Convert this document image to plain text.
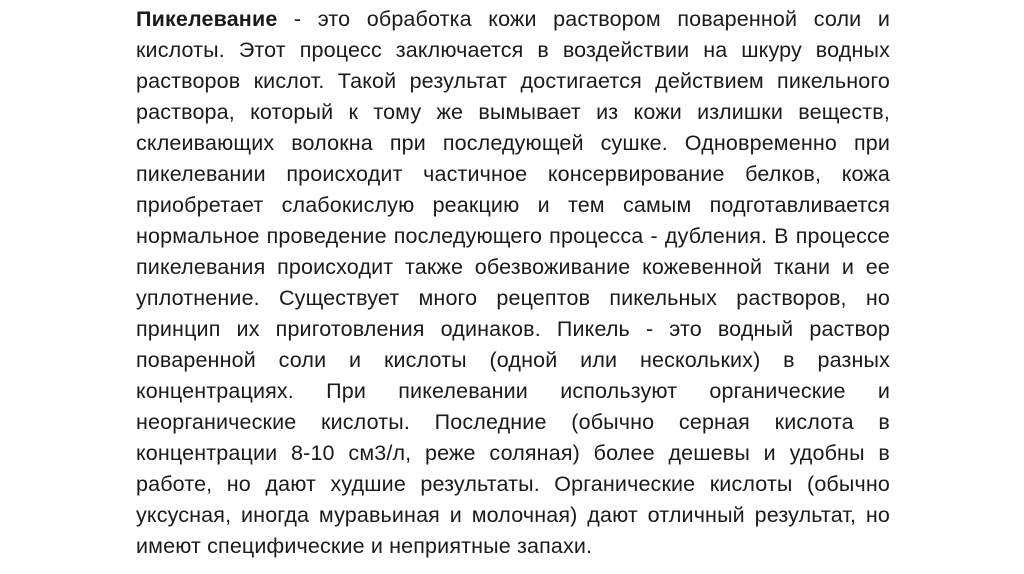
Пикелевание - это обработка кожи раствором поваренной соли и кислоты. Этот процесс заключается в воздействии на шкуру водных растворов кислот. Такой результат достигается действием пикельного раствора, который к тому же вымывает из кожи излишки веществ, склеивающих волокна при последующей сушке. Одновременно при пикелевании происходит частичное консервирование белков, кожа приобретает слабокислую реакцию и тем самым подготавливается нормальное проведение последующего процесса - дубления. В процессе пикелевания происходит также обезвоживание кожевенной ткани и ее уплотнение. Существует много рецептов пикельных растворов, но принцип их приготовления одинаков. Пикель - это водный раствор поваренной соли и кислоты (одной или нескольких) в разных концентрациях. При пикелевании используют органические и неорганические кислоты. Последние (обычно серная кислота в концентрации 8-10 см3/л, реже соляная) более дешевы и удобны в работе, но дают худшие результаты. Органические кислоты (обычно уксусная, иногда муравьиная и молочная) дают отличный результат, но имеют специфические и неприятные запахи.
